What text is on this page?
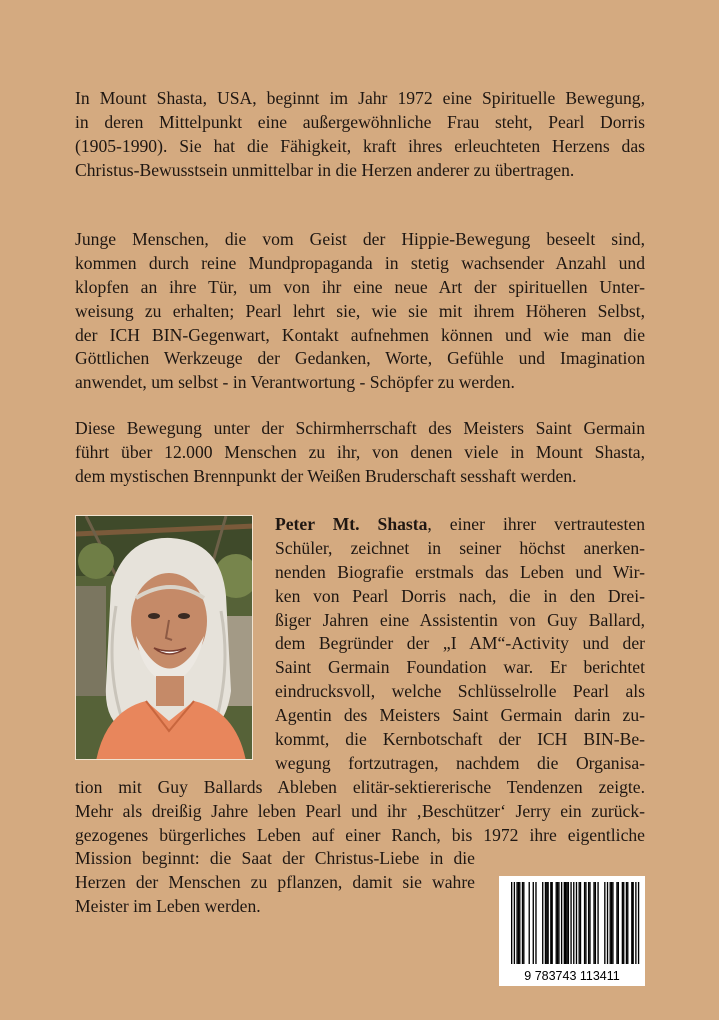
In Mount Shasta, USA, beginnt im Jahr 1972 eine Spirituelle Bewegung,
in deren Mittelpunkt eine außergewöhnliche Frau steht, Pearl Dorris
(1905-1990). Sie hat die Fähigkeit, kraft ihres erleuchteten Herzens das
Christus-Bewusstsein unmittelbar in die Herzen anderer zu übertragen.
Junge Menschen, die vom Geist der Hippie-Bewegung beseelt sind,
kommen durch reine Mundpropaganda in stetig wachsender Anzahl und
klopfen an ihre Tür, um von ihr eine neue Art der spirituellen Unter-
weisung zu erhalten; Pearl lehrt sie, wie sie mit ihrem Höheren Selbst,
der ICH BIN-Gegenwart, Kontakt aufnehmen können und wie man die
Göttlichen Werkzeuge der Gedanken, Worte, Gefühle und Imagination
anwendet, um selbst - in Verantwortung - Schöpfer zu werden.
Diese Bewegung unter der Schirmherrschaft des Meisters Saint Germain
führt über 12.000 Menschen zu ihr, von denen viele in Mount Shasta,
dem mystischen Brennpunkt der Weißen Bruderschaft sesshaft werden.
Peter Mt. Shasta, einer ihrer vertrautesten
Schüler, zeichnet in seiner höchst anerken-
nenden Biografie erstmals das Leben und Wir-
ken von Pearl Dorris nach, die in den Drei-
ßiger Jahren eine Assistentin von Guy Ballard,
dem Begründer der „I AM“-Activity und der
Saint Germain Foundation war. Er berichtet
eindrucksvoll, welche Schlüsselrolle Pearl als
Agentin des Meisters Saint Germain darin zu-
kommt, die Kernbotschaft der ICH BIN-Be-
wegung fortzutragen, nachdem die Organisa-
tion mit Guy Ballards Ableben elitär-sektiererische Tendenzen zeigte.
Mehr als dreißig Jahre leben Pearl und ihr ‚Beschützer‘ Jerry ein zurück-
gezogenes bürgerliches Leben auf einer Ranch, bis 1972 ihre eigentliche
Mission beginnt: die Saat der Christus-Liebe in die
Herzen der Menschen zu pflanzen, damit sie wahre
Meister im Leben werden.
9 783743 113411
